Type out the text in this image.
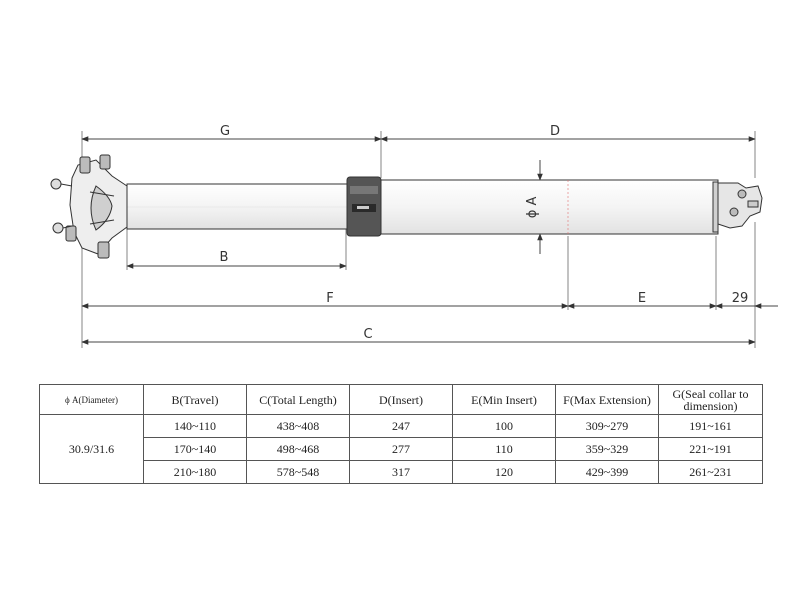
G	D
B
F	E	29
C
ϕ
A
ϕ A(Diameter)	B(Travel)	C(Total Length)	D(Insert)	E(Min Insert)	F(Max Extension)	G(Seal collar to dimension)
30.9/31.6	140~110	438~408	247	100	309~279	191~161
	170~140	498~468	277	110	359~329	221~191
	210~180	578~548	317	120	429~399	261~231
